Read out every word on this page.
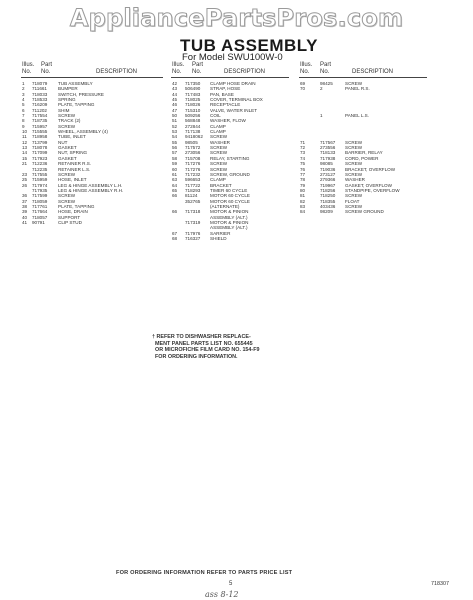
AppliancePartsPros.com
TUB ASSEMBLY
For Model SWU100W-0
Illus. Part
No. No.	DESCRIPTION
Illus. Part
No. No.	DESCRIPTION
Illus. Part
No. No.	DESCRIPTION
1 718079 TUB ASSEMBLY
2 711661 BUMPER
3 718033 SWITCH, PRESSURE
4 718533 SPRING
5 716209 PLATE, TAPPING
6 711202 SHIM
7 717554 SCREW
8 718735 TRACK (2)
9 715957 SCREW
10 715555 WHEEL, ASSEMBLY (4)
11 718958 TUBE, INLET
12 713799 NUT
13 718078 GASKET
14 717099 NUT, SPRING
15 717923 GASKET
21 712236 RETAINER R.S.
712235 RETAINER L.S.
23 717555 SCREW
25 715959 HOSE, INLET
26 717974 LEG & HINGE ASSEMBLY L.H.
717935 LEG & HINGE ASSEMBLY R.H.
36 717599 SCREW
37 718059 SCREW
38 717761 PLATE, TAPPING
39 717664 HOSE, DRAIN
40 718057 SUPPORT
41 90791	CLIP STUD
42 717350 CLAMP HOSE DRAIN
43 506490 STRAP, HOSE
44 717483 PAN, BASE
45 718025 COVER, TERMINAL BOX
46 718026 RECEPTACLE
47 715310 VALVE, WATER INLET
50 509256 COIL
51 568848 WASHER, FLOW
52 272844 CLAMP
53 717138 CLAMP
54 9418062 SCREW
55 98505	WASHER
56 717572 SCREW
57 273056 SCREW
58 715708 RELAY, STARTING
59 717276 SCREW
60 717276 SCREW
61 717232 SCREW, GROUND
63 596653 CLAMP
64 717722 BRACKET
65 718293 TIMER 60 CYCLE
66 81124	MOTOR 60 CYCLE
352765 MOTOR 60 CYCLE
(ALTERNATE)
66 717318 MOTOR & PINION
ASSEMBLY (ALT.)
717319 MOTOR & PINION
ASSEMBLY (ALT.)
67 717976 SARRIER
68 716327 SHIELD
69	98425	SCREW
70	2	PANEL R.S.
1	PANEL L.S.
71	717567 SCREW
72	273556 SCREW
73	718133 BARRIER, RELAY
74	717938 CORD, POWER
75	98085	SCREW
76	719036 BRACKET, OVERFLOW
77	273127 SCREW
78	279366 WASHER
79	719967 GASKET, OVERFLOW
80	718256 STANDPIPE, OVERFLOW
81	718250 SCREW
82	718355 FLOAT
83	403436 SCREW
84	98209	SCREW GROUND
† REFER TO DISHWASHER REPLACE-
MENT PANEL PARTS LIST NO. 655445
OR MICROFICHE FILM CARD NO. 154-F9
FOR ORDERING INFORMATION.
FOR ORDERING INFORMATION REFER TO PARTS PRICE LIST
5	718307
ass 8-12
